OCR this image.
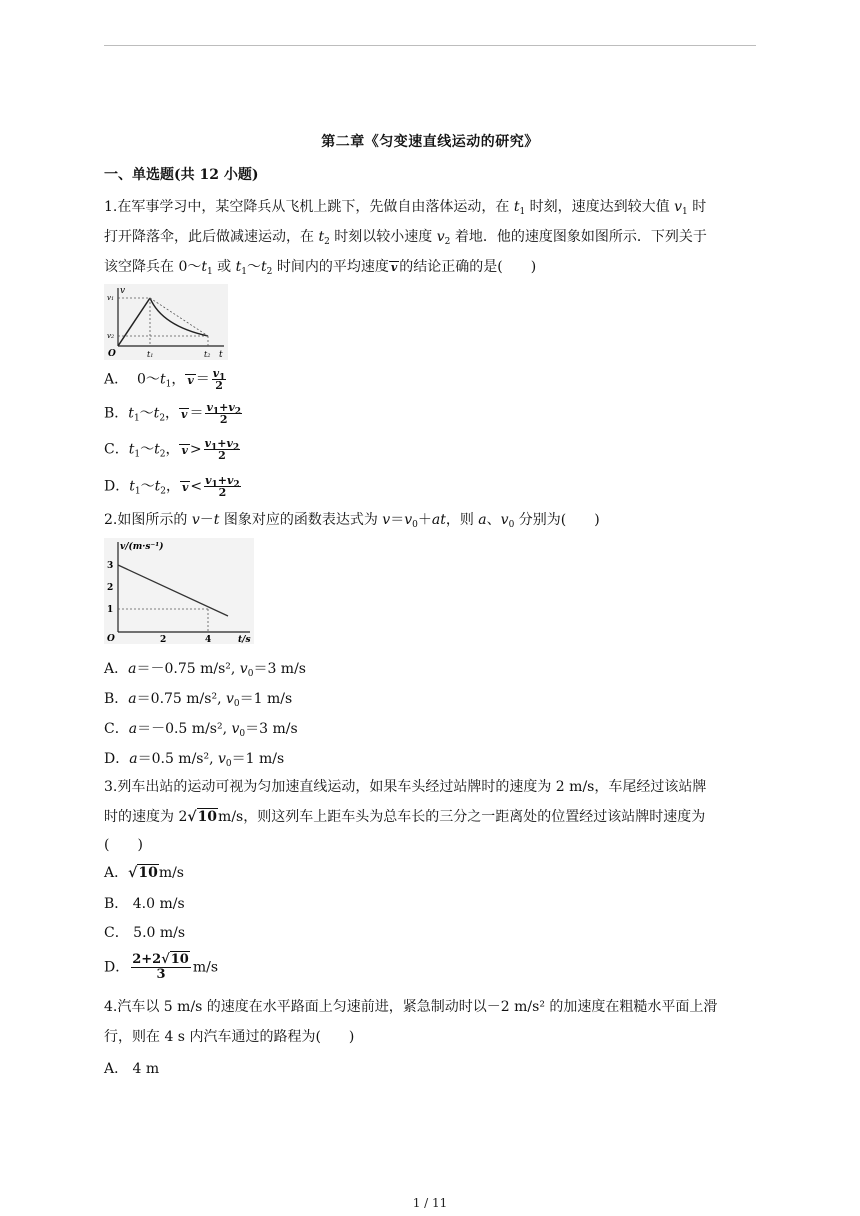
第二章《匀变速直线运动的研究》
一、单选题(共 12 小题)
1.在军事学习中，某空降兵从飞机上跳下，先做自由落体运动，在 $t_1$ 时刻，速度达到较大值 $v_1$ 时
打开降落伞，此后做减速运动，在 $t_2$ 时刻以较小速度 $v_2$ 着地．他的速度图象如图所示．下列关于
该空降兵在 $0\sim t_1$ 或 $t_1\sim t_2$ 时间内的平均速度 v 的结论正确的是(　　)
v
v1
v2
O	t1	t2 t
A．  $0\sim t_1$， $v = \frac{v_1}{2}$
B．$t_1\sim t_2$， $v = \frac{v_1+v_2}{2}$
C．$t_1\sim t_2$， $v > \frac{v_1+v_2}{2}$
D．$t_1\sim t_2$， $v < \frac{v_1+v_2}{2}$
2.如图所示的 v－t 图象对应的函数表达式为 $v=v_0+at$，则 a、$v_0$ 分别为(　　)
v/(m·s⁻¹)
3
2
1
O	2	4	t/s
A．a＝－0.75 m/s², $v_0=3$ m/s
B．a＝0.75 m/s², $v_0=1$ m/s
C．a＝－0.5 m/s², $v_0=3$ m/s
D．a＝0.5 m/s², $v_0=1$ m/s
3.列车出站的运动可视为匀加速直线运动，如果车头经过站牌时的速度为 2 m/s，车尾经过该站牌
时的速度为 2√10m/s，则这列车上距车头为总车长的三分之一距离处的位置经过该站牌时速度为
(　　)
A．√10m/s
B． 4.0 m/s
C． 5.0 m/s
D． $\frac{2+2√10}{3} m/s$
4.汽车以 5 m/s 的速度在水平路面上匀速前进，紧急制动时以－2 m/s² 的加速度在粗糙水平面上滑
行，则在 4 s 内汽车通过的路程为(　　)
A． 4 m
1 / 11
